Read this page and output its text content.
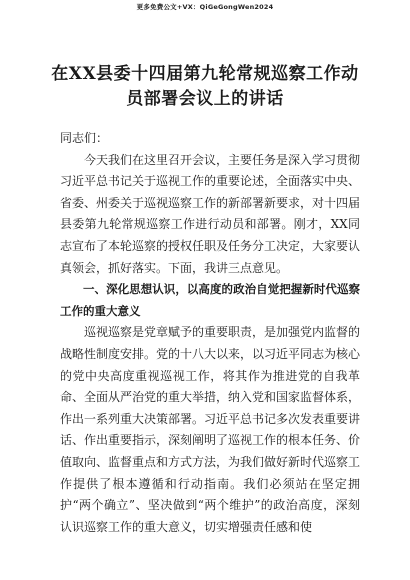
更多免费公文+VX：QiGeGongWen2024
在XX县委十四届第九轮常规巡察工作动
员部署会议上的讲话

同志们：

今天我们在这里召开会议，主要任务是深入学习贯彻习近平总书记关于巡视工作的重要论述，全面落实中央、省委、州委关于巡视巡察工作的新部署新要求，对十四届县委第九轮常规巡察工作进行动员和部署。刚才，XX同志宣布了本轮巡察的授权任职及任务分工决定，大家要认真领会，抓好落实。下面，我讲三点意见。

一、深化思想认识，以高度的政治自觉把握新时代巡察工作的重大意义

巡视巡察是党章赋予的重要职责，是加强党内监督的战略性制度安排。党的十八大以来，以习近平同志为核心的党中央高度重视巡视工作，将其作为推进党的自我革命、全面从严治党的重大举措，纳入党和国家监督体系，作出一系列重大决策部署。习近平总书记多次发表重要讲话、作出重要指示，深刻阐明了巡视工作的根本任务、价值取向、监督重点和方式方法，为我们做好新时代巡察工作提供了根本遵循和行动指南。我们必须站在坚定拥护“两个确立”、坚决做到“两个维护”的政治高度，深刻认识巡察工作的重大意义，切实增强责任感和使
